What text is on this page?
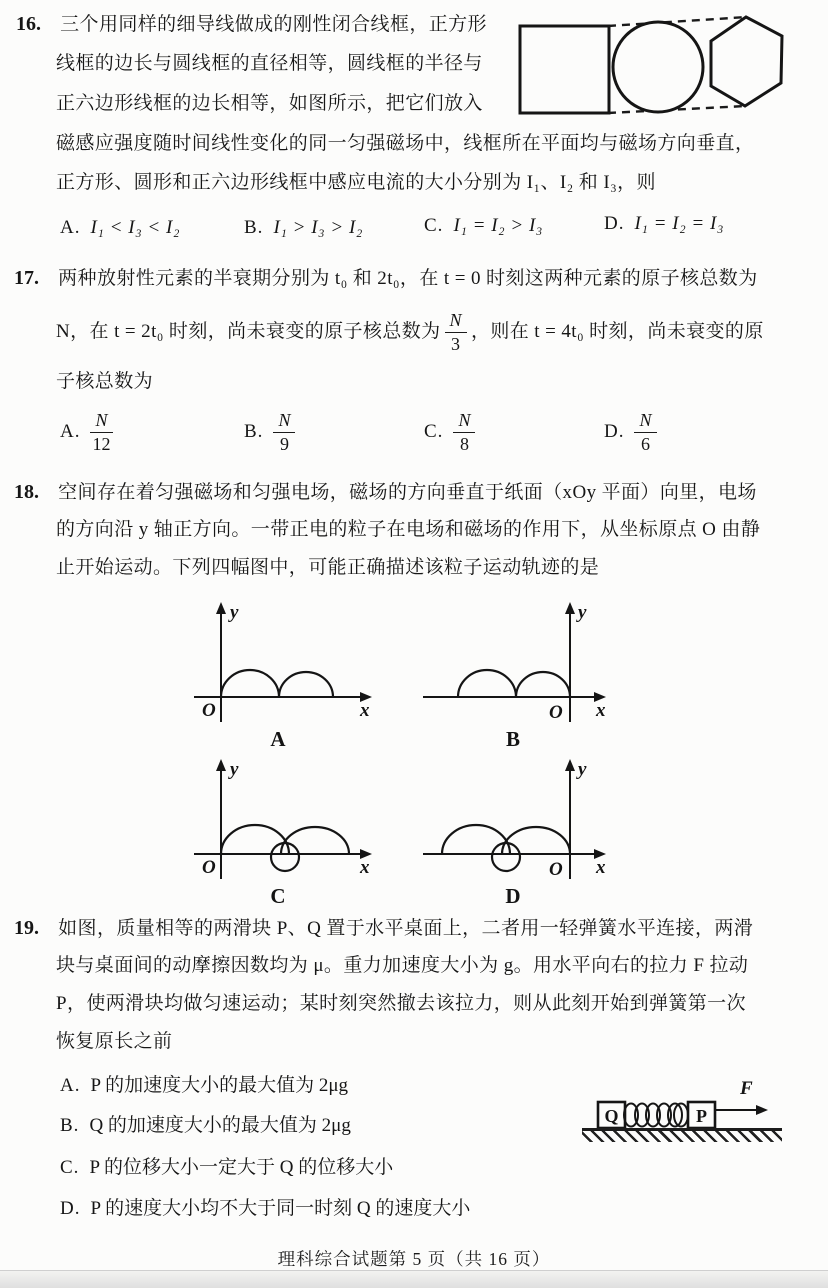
16. 三个用同样的细导线做成的刚性闭合线框，正方形
线框的边长与圆线框的直径相等，圆线框的半径与
正六边形线框的边长相等，如图所示，把它们放入
磁感应强度随时间线性变化的同一匀强磁场中，线框所在平面均与磁场方向垂直，
正方形、圆形和正六边形线框中感应电流的大小分别为 I₁、I₂ 和 I₃，则
A. I₁ < I₃ < I₂	B. I₁ > I₃ > I₂	C. I₁ = I₂ > I₃	D. I₁ = I₂ = I₃
17. 两种放射性元素的半衰期分别为 t₀ 和 2t₀，在 t = 0 时刻这两种元素的原子核总数为
N，在 t = 2t₀ 时刻，尚未衰变的原子核总数为 $\frac{N}{3}$ ，则在 t = 4t₀ 时刻，尚未衰变的原
子核总数为
A. $\frac{N}{12}$	B. $\frac{N}{9}$	C. $\frac{N}{8}$	D. $\frac{N}{6}$
18. 空间存在着匀强磁场和匀强电场，磁场的方向垂直于纸面（xOy 平面）向里，电场
的方向沿 y 轴正方向。一带正电的粒子在电场和磁场的作用下，从坐标原点 O 由静
止开始运动。下列四幅图中，可能正确描述该粒子运动轨迹的是
y
x
O
A
y
x
O
B
y
x
O
C
y
x
O
D
19. 如图，质量相等的两滑块 P、Q 置于水平桌面上，二者用一轻弹簧水平连接，两滑
块与桌面间的动摩擦因数均为 μ。重力加速度大小为 g。用水平向右的拉力 F 拉动
P，使两滑块均做匀速运动；某时刻突然撤去该拉力，则从此刻开始到弹簧第一次
恢复原长之前
A. P 的加速度大小的最大值为 2μg
B. Q 的加速度大小的最大值为 2μg
C. P 的位移大小一定大于 Q 的位移大小
D. P 的速度大小均不大于同一时刻 Q 的速度大小
Q	P
F
理科综合试题第 5 页（共 16 页）
